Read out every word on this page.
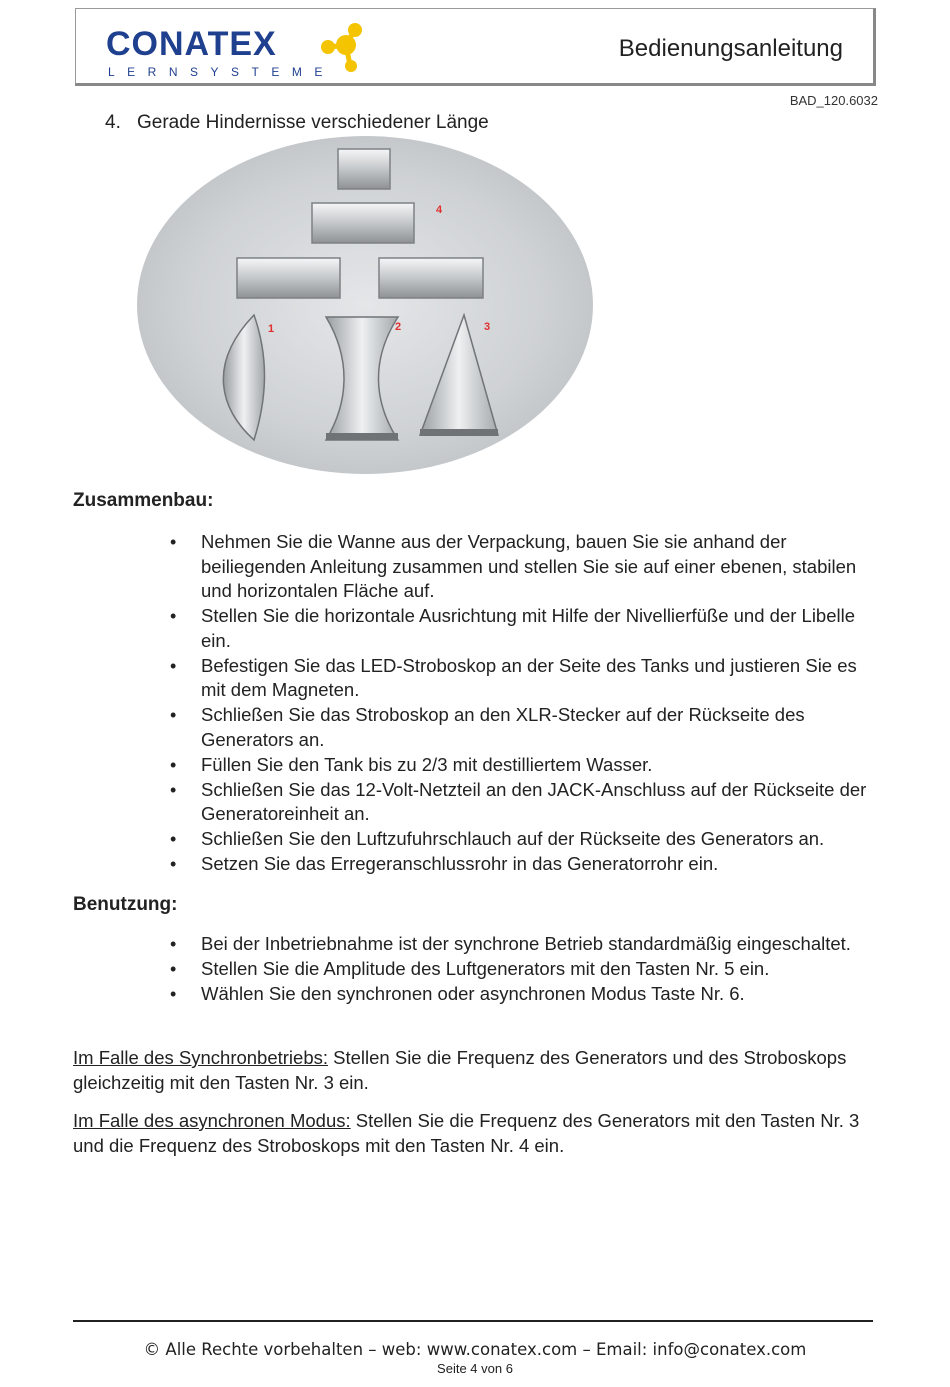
CONATEX
LERNSYSTEME
Bedienungsanleitung
BAD_120.6032
4. Gerade Hindernisse verschiedener Länge
4
1	2	3
Zusammenbau:
• Nehmen Sie die Wanne aus der Verpackung, bauen Sie sie anhand der beiliegenden Anleitung zusammen und stellen Sie sie auf einer ebenen, stabilen und horizontalen Fläche auf.
• Stellen Sie die horizontale Ausrichtung mit Hilfe der Nivellierfüße und der Libelle ein.
• Befestigen Sie das LED-Stroboskop an der Seite des Tanks und justieren Sie es mit dem Magneten.
• Schließen Sie das Stroboskop an den XLR-Stecker auf der Rückseite des Generators an.
• Füllen Sie den Tank bis zu 2/3 mit destilliertem Wasser.
• Schließen Sie das 12-Volt-Netzteil an den JACK-Anschluss auf der Rückseite der Generatoreinheit an.
• Schließen Sie den Luftzufuhrschlauch auf der Rückseite des Generators an.
• Setzen Sie das Erregeranschlussrohr in das Generatorrohr ein.
Benutzung:
• Bei der Inbetriebnahme ist der synchrone Betrieb standardmäßig eingeschaltet.
• Stellen Sie die Amplitude des Luftgenerators mit den Tasten Nr. 5 ein.
• Wählen Sie den synchronen oder asynchronen Modus Taste Nr. 6.
Im Falle des Synchronbetriebs: Stellen Sie die Frequenz des Generators und des Stroboskops gleichzeitig mit den Tasten Nr. 3 ein.
Im Falle des asynchronen Modus: Stellen Sie die Frequenz des Generators mit den Tasten Nr. 3 und die Frequenz des Stroboskops mit den Tasten Nr. 4 ein.
© Alle Rechte vorbehalten – web: www.conatex.com – Email: info@conatex.com
Seite 4 von 6
